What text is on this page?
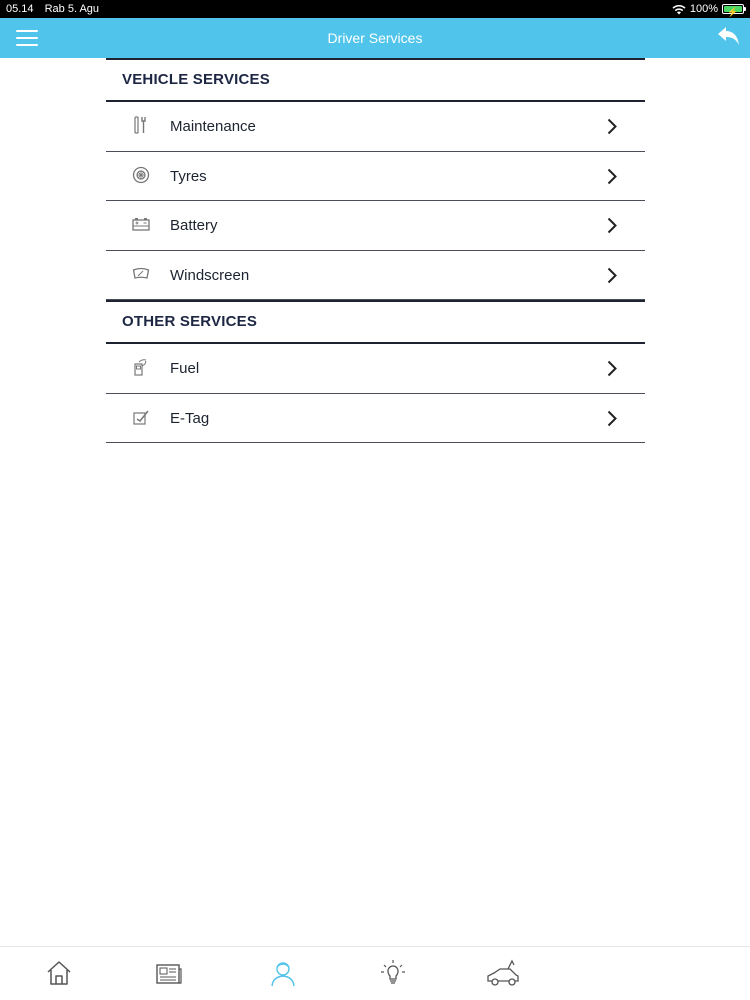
05.14 Rab 5. Agu	100%	⚡
Driver Services
VEHICLE SERVICES
Maintenance
Tyres
Battery
Windscreen
OTHER SERVICES
Fuel
E-Tag
